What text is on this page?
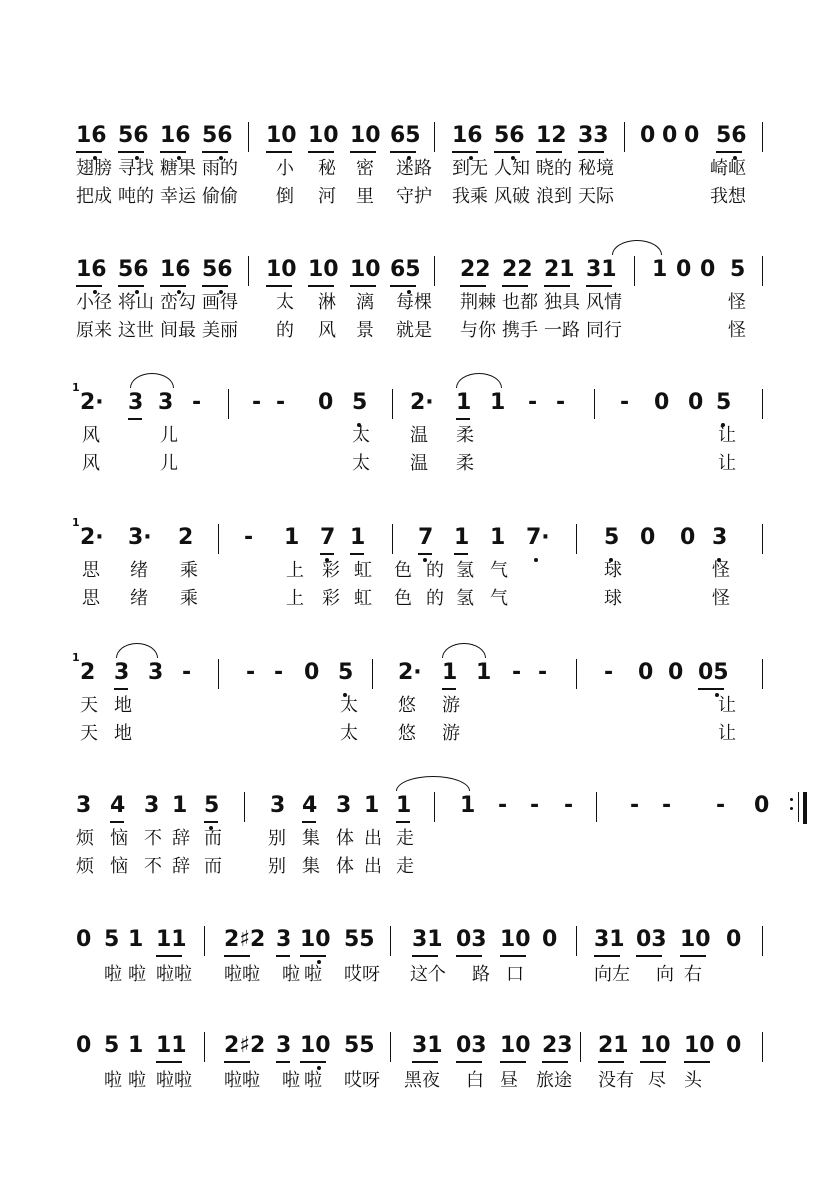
16 56 16 56 10 10 10 65 16 56 12 33 0 0 0 56
翅膀 寻找 糖果 雨的 小 秘 密 迷路 到无 人知 晓的 秘境	崎岖
把成 吨的 幸运 偷偷 倒 河 里 守护 我乘 风破 浪到 天际	我想
16 56 16 56 10 10 10 65 22 22 21 31 1 0 0 5
小径 将山 峦勾 画得 太 淋 漓 每棵 荆棘 也都 独具 风情	怪
原来 这世 间最 美丽 的 风 景 就是 与你 携手 一路 同行	怪
1
2· 3 3 - - - 0 5 2· 1 1 - - - 0 0 5
风	儿	太 温 柔	让
风	儿	太 温 柔	让
1
2· 3· 2 - 1 7 1 7 1 1 7· 5 0 0 3
思 绪 乘	上 彩 虹 色 的 氢 气	球	怪
思 绪 乘	上 彩 虹 色 的 氢 气	球	怪
1
2 3 3 - - - 0 5 2· 1 1 - -	- 0 0 05
天 地	太 悠 游	让
天 地	太 悠 游	让
3 4 3 1 5 3 4 3 1 1 1 - - -	- - - 0
烦 恼 不 辞 而	别 集 体 出 走
烦 恼 不 辞 而	别 集 体 出 走
0 5 1 11 2♯2 3 10 55 31 03 10 0 31 03 10 0
啦 啦 啦啦 啦啦 啦 啦 哎呀 这个 路 口	向左 向 右
0 5 1 11 2♯2 3 10 55 31 03 10 23 21 10 10 0
啦 啦 啦啦 啦啦 啦 啦 哎呀 黑夜 白 昼 旅途 没有 尽 头
